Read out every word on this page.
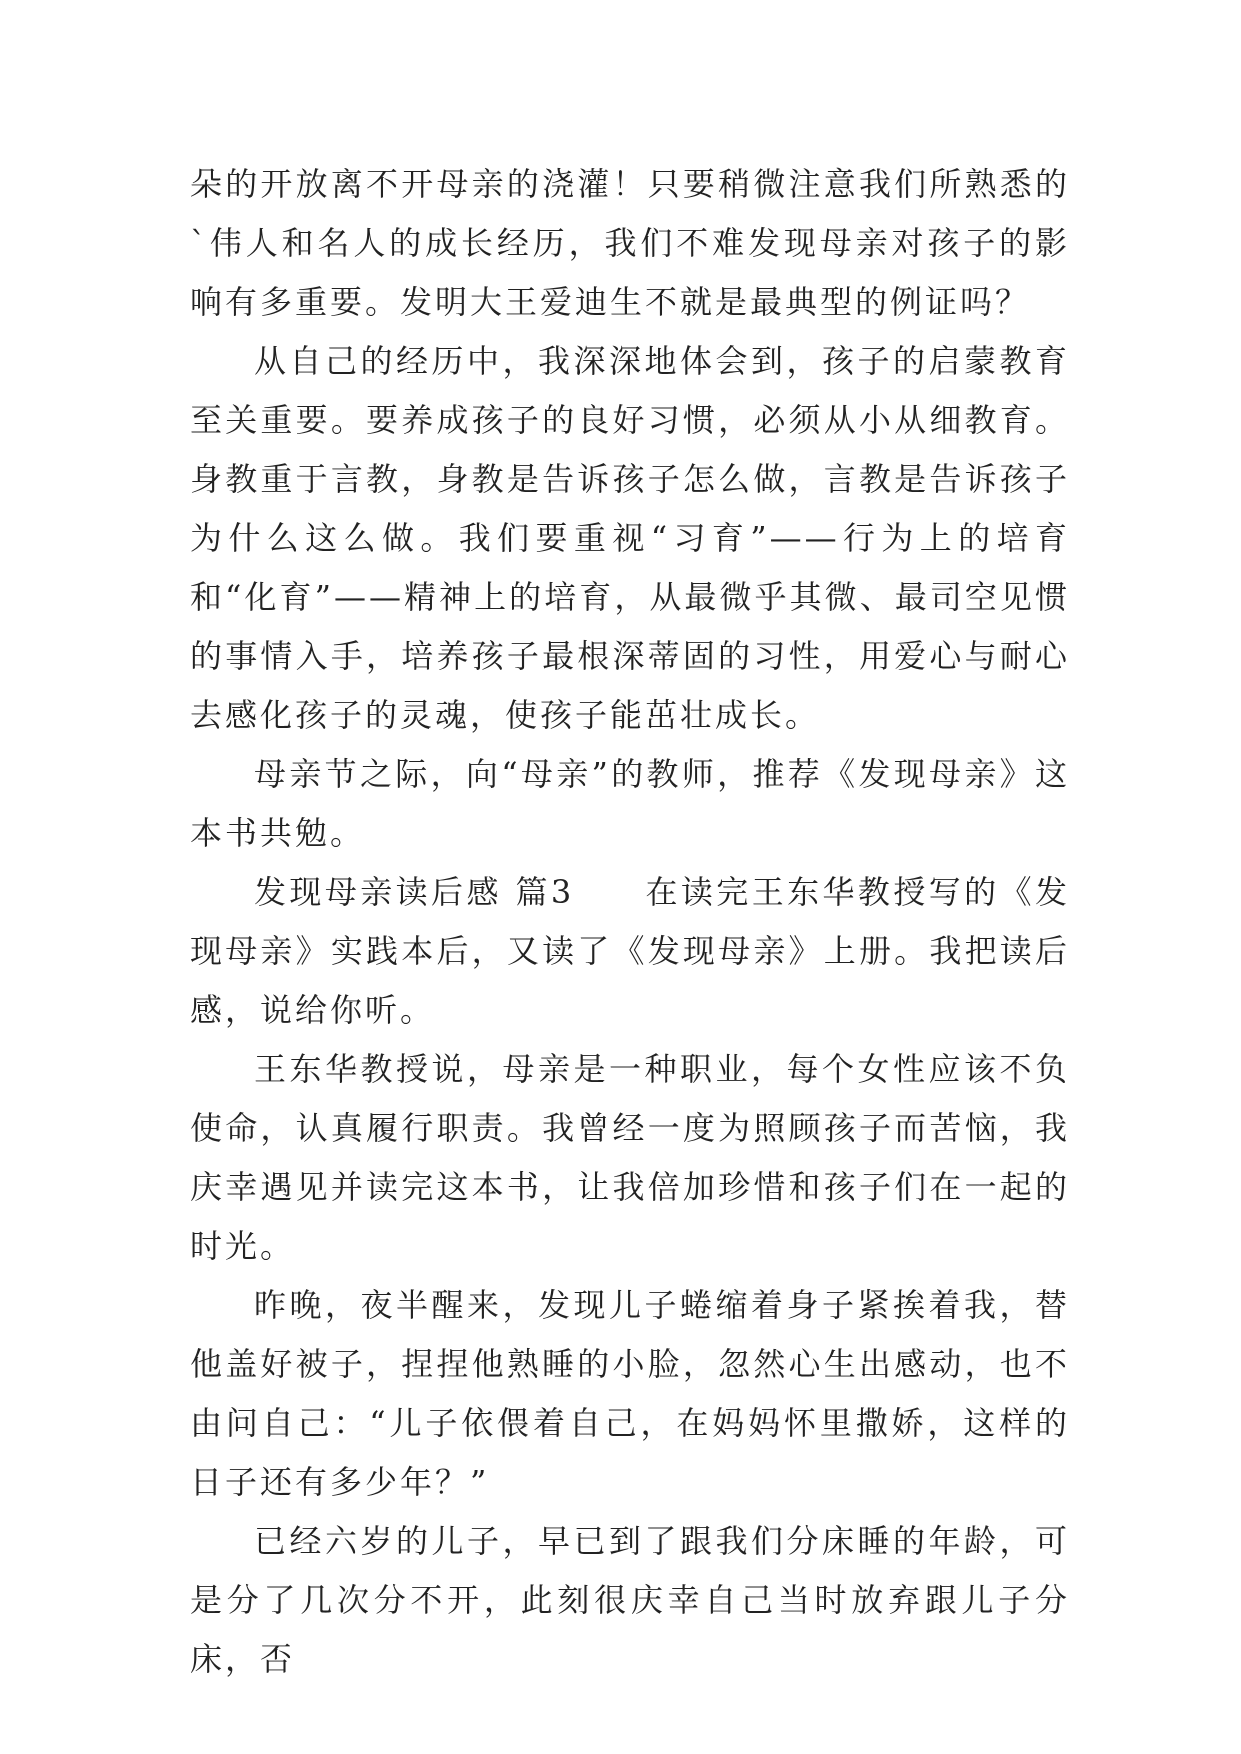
朵的开放离不开母亲的浇灌！只要稍微注意我们所熟悉的`伟人和名人的成长经历，我们不难发现母亲对孩子的影响有多重要。发明大王爱迪生不就是最典型的例证吗？

从自己的经历中，我深深地体会到，孩子的启蒙教育至关重要。要养成孩子的良好习惯，必须从小从细教育。身教重于言教，身教是告诉孩子怎么做，言教是告诉孩子为什么这么做。我们要重视“习育”——行为上的培育和“化育”——精神上的培育，从最微乎其微、最司空见惯的事情入手，培养孩子最根深蒂固的习性，用爱心与耐心去感化孩子的灵魂，使孩子能茁壮成长。

母亲节之际，向“母亲”的教师，推荐《发现母亲》这本书共勉。

发现母亲读后感 篇3　　在读完王东华教授写的《发现母亲》实践本后，又读了《发现母亲》上册。我把读后感，说给你听。

王东华教授说，母亲是一种职业，每个女性应该不负使命，认真履行职责。我曾经一度为照顾孩子而苦恼，我庆幸遇见并读完这本书，让我倍加珍惜和孩子们在一起的时光。

昨晚，夜半醒来，发现儿子蜷缩着身子紧挨着我，替他盖好被子，捏捏他熟睡的小脸，忽然心生出感动，也不由问自己：“儿子依偎着自己，在妈妈怀里撒娇，这样的日子还有多少年？”

已经六岁的儿子，早已到了跟我们分床睡的年龄，可是分了几次分不开，此刻很庆幸自己当时放弃跟儿子分床，否
